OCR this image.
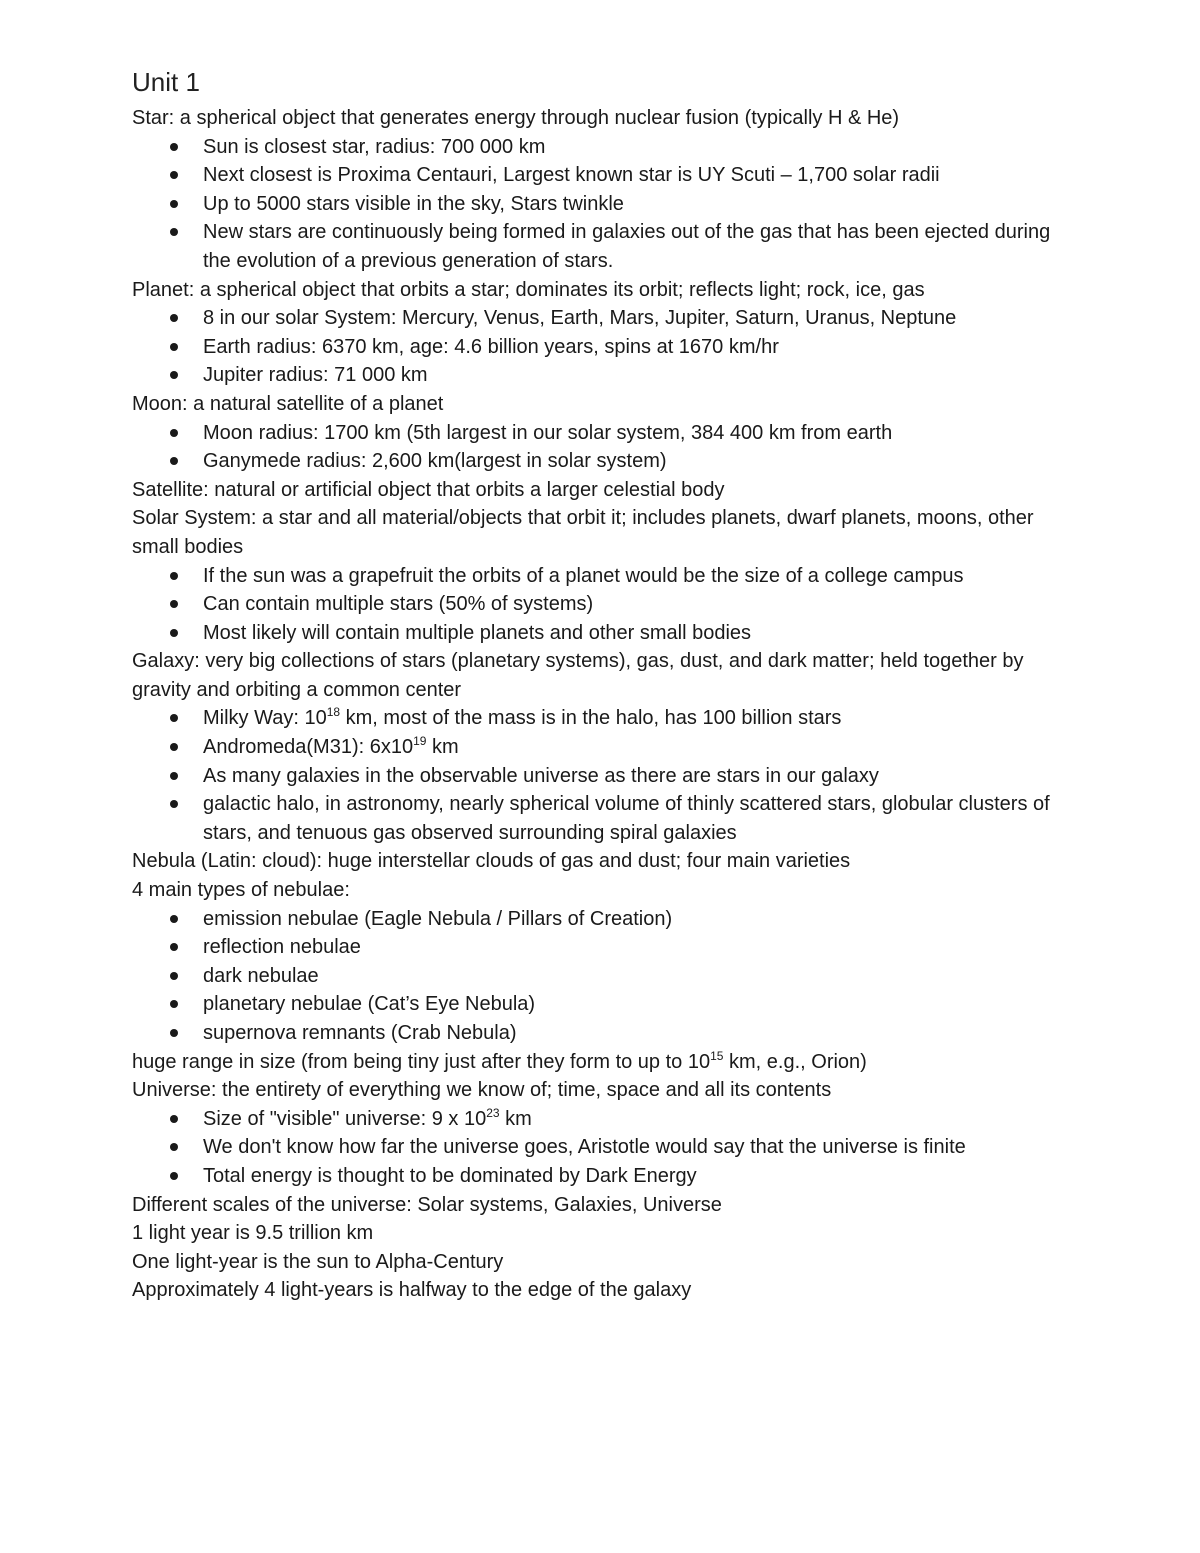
Unit 1

Star: a spherical object that generates energy through nuclear fusion (typically H & He)

Sun is closest star, radius: 700 000 km
Next closest is Proxima Centauri, Largest known star is UY Scuti – 1,700 solar radii
Up to 5000 stars visible in the sky, Stars twinkle
New stars are continuously being formed in galaxies out of the gas that has been ejected during the evolution of a previous generation of stars.

Planet: a spherical object that orbits a star; dominates its orbit; reflects light; rock, ice, gas

8 in our solar System: Mercury, Venus, Earth, Mars, Jupiter, Saturn, Uranus, Neptune
Earth radius: 6370 km, age: 4.6 billion years, spins at 1670 km/hr
Jupiter radius: 71 000 km

Moon: a natural satellite of a planet

Moon radius: 1700 km (5th largest in our solar system, 384 400 km from earth
Ganymede radius: 2,600 km(largest in solar system)

Satellite: natural or artificial object that orbits a larger celestial body

Solar System: a star and all material/objects that orbit it; includes planets, dwarf planets, moons, other small bodies

If the sun was a grapefruit the orbits of a planet would be the size of a college campus
Can contain multiple stars (50% of systems)
Most likely will contain multiple planets and other small bodies

Galaxy: very big collections of stars (planetary systems), gas, dust, and dark matter; held together by gravity and orbiting a common center

Milky Way: $10^{18}$ km, most of the mass is in the halo, has 100 billion stars
Andromeda(M31): $6x10^{19}$ km
As many galaxies in the observable universe as there are stars in our galaxy
galactic halo, in astronomy, nearly spherical volume of thinly scattered stars, globular clusters of stars, and tenuous gas observed surrounding spiral galaxies

Nebula (Latin: cloud): huge interstellar clouds of gas and dust; four main varieties

4 main types of nebulae:

emission nebulae (Eagle Nebula / Pillars of Creation)
reflection nebulae
dark nebulae
planetary nebulae (Cat’s Eye Nebula)
supernova remnants (Crab Nebula)

huge range in size (from being tiny just after they form to up to $10^{15}$ km, e.g., Orion)

Universe: the entirety of everything we know of; time, space and all its contents

Size of "visible" universe: 9 x $10^{23}$ km
We don't know how far the universe goes, Aristotle would say that the universe is finite
Total energy is thought to be dominated by Dark Energy

Different scales of the universe: Solar systems, Galaxies, Universe

1 light year is 9.5 trillion km

One light-year is the sun to Alpha-Century

Approximately 4 light-years is halfway to the edge of the galaxy
